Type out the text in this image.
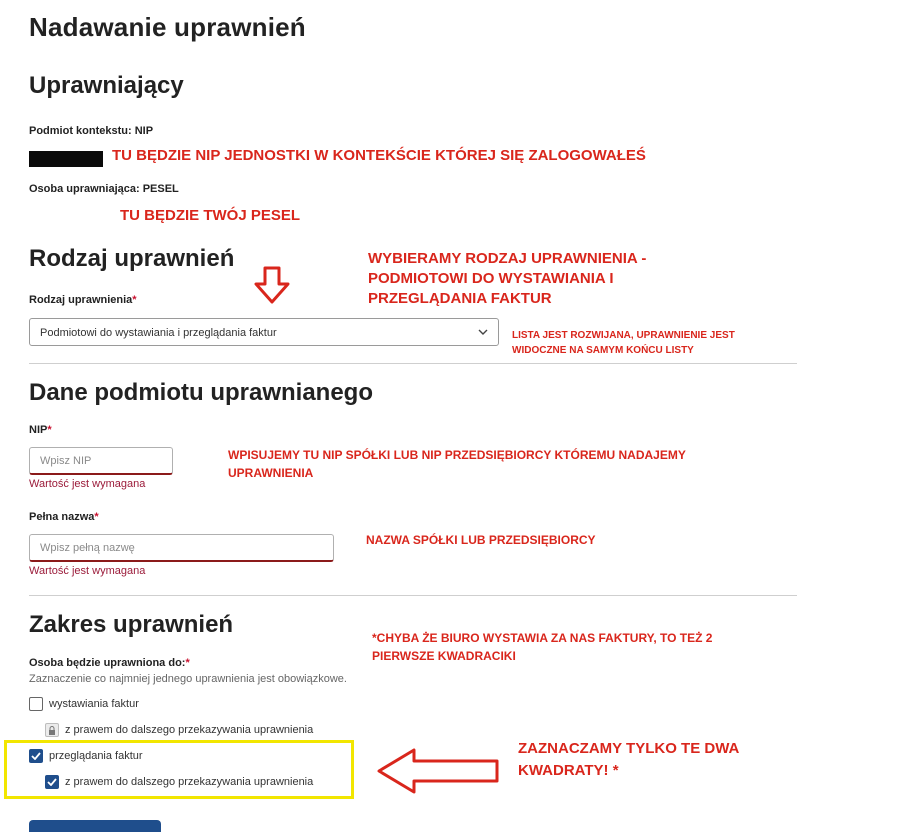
Nadawanie uprawnień
Uprawniający
Podmiot kontekstu: NIP
TU BĘDZIE NIP JEDNOSTKI W KONTEKŚCIE KTÓREJ SIĘ ZALOGOWAŁEŚ
Osoba uprawniająca: PESEL
TU BĘDZIE TWÓJ PESEL
Rodzaj uprawnień
Rodzaj uprawnienia*
WYBIERAMY RODZAJ UPRAWNIENIA -
PODMIOTOWI DO WYSTAWIANIA I
PRZEGLĄDANIA FAKTUR
Podmiotowi do wystawiania i przeglądania faktur	LISTA JEST ROZWIJANA, UPRAWNIENIE JEST
WIDOCZNE NA SAMYM KOŃCU LISTY
Dane podmiotu uprawnianego
NIP*
Wpisz NIP
Wartość jest wymagana
WPISUJEMY TU NIP SPÓŁKI LUB NIP PRZEDSIĘBIORCY KTÓREMU NADAJEMY
UPRAWNIENIA
Pełna nazwa*
Wpisz pełną nazwę
Wartość jest wymagana
NAZWA SPÓŁKI LUB PRZEDSIĘBIORCY
Zakres uprawnień	*CHYBA ŻE BIURO WYSTAWIA ZA NAS FAKTURY, TO TEŻ 2
PIERWSZE KWADRACIKI
Osoba będzie uprawniona do:*
Zaznaczenie co najmniej jednego uprawnienia jest obowiązkowe.
wystawiania faktur
z prawem do dalszego przekazywania uprawnienia
przeglądania faktur
z prawem do dalszego przekazywania uprawnienia
ZAZNACZAMY TYLKO TE DWA
KWADRATY! *
